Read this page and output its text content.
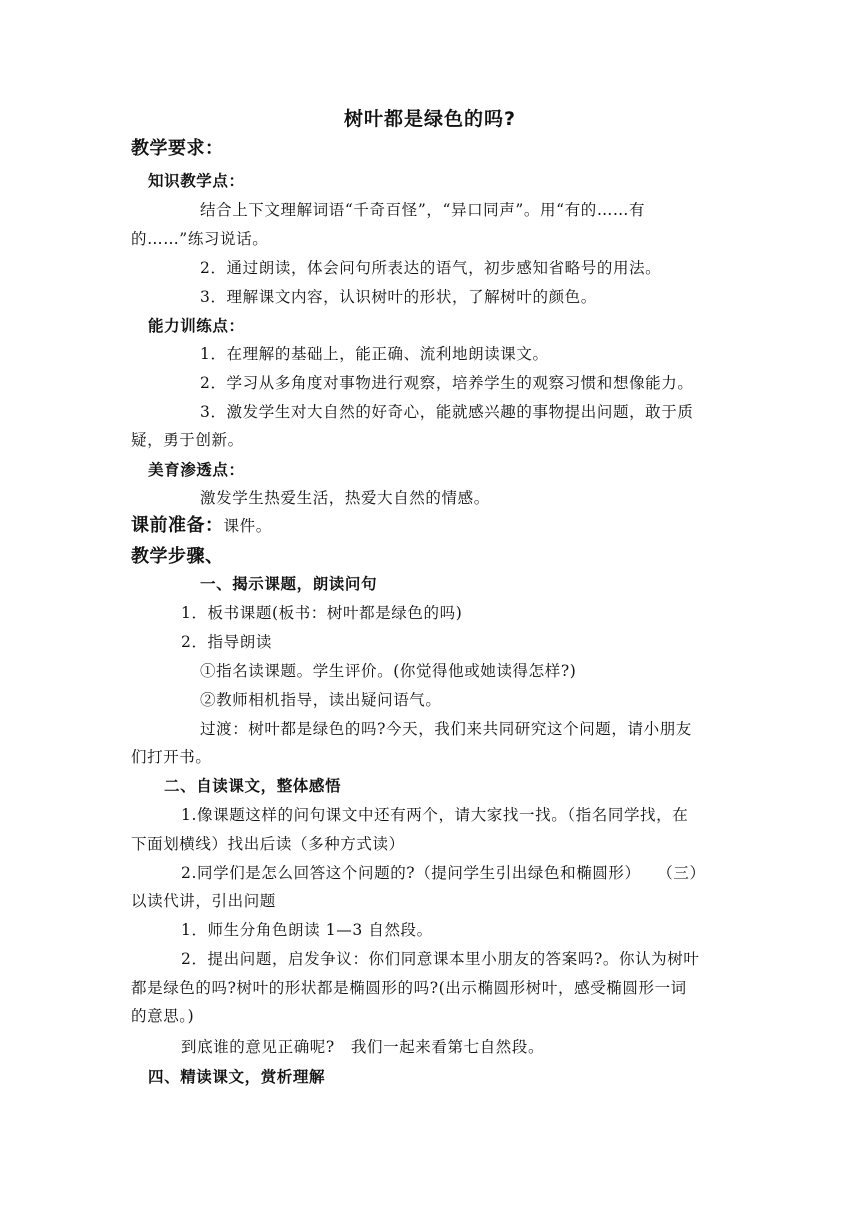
树叶都是绿色的吗?
教学要求：
知识教学点：
结合上下文理解词语“千奇百怪”，“异口同声”。用“有的……有
的……”练习说话。
2．通过朗读，体会问句所表达的语气，初步感知省略号的用法。
3．理解课文内容，认识树叶的形状，了解树叶的颜色。
能力训练点：
1．在理解的基础上，能正确、流利地朗读课文。
2．学习从多角度对事物进行观察，培养学生的观察习惯和想像能力。
3．激发学生对大自然的好奇心，能就感兴趣的事物提出问题，敢于质
疑，勇于创新。
美育渗透点：
激发学生热爱生活，热爱大自然的情感。
课前准备：课件。
教学步骤、
一、揭示课题，朗读问句
1．板书课题(板书：树叶都是绿色的吗)
2．指导朗读
①指名读课题。学生评价。(你觉得他或她读得怎样?)
②教师相机指导，读出疑问语气。
过渡：树叶都是绿色的吗?今天，我们来共同研究这个问题，请小朋友
们打开书。
二、自读课文，整体感悟
1.像课题这样的问句课文中还有两个，请大家找一找。（指名同学找，在
下面划横线）找出后读（多种方式读）
2.同学们是怎么回答这个问题的?（提问学生引出绿色和椭圆形）　　（三）
以读代讲，引出问题
1．师生分角色朗读 1—3 自然段。
2．提出问题，启发争议：你们同意课本里小朋友的答案吗?。你认为树叶
都是绿色的吗?树叶的形状都是椭圆形的吗?(出示椭圆形树叶，感受椭圆形一词
的意思。)
到底谁的意见正确呢?　我们一起来看第七自然段。
四、精读课文，赏析理解
